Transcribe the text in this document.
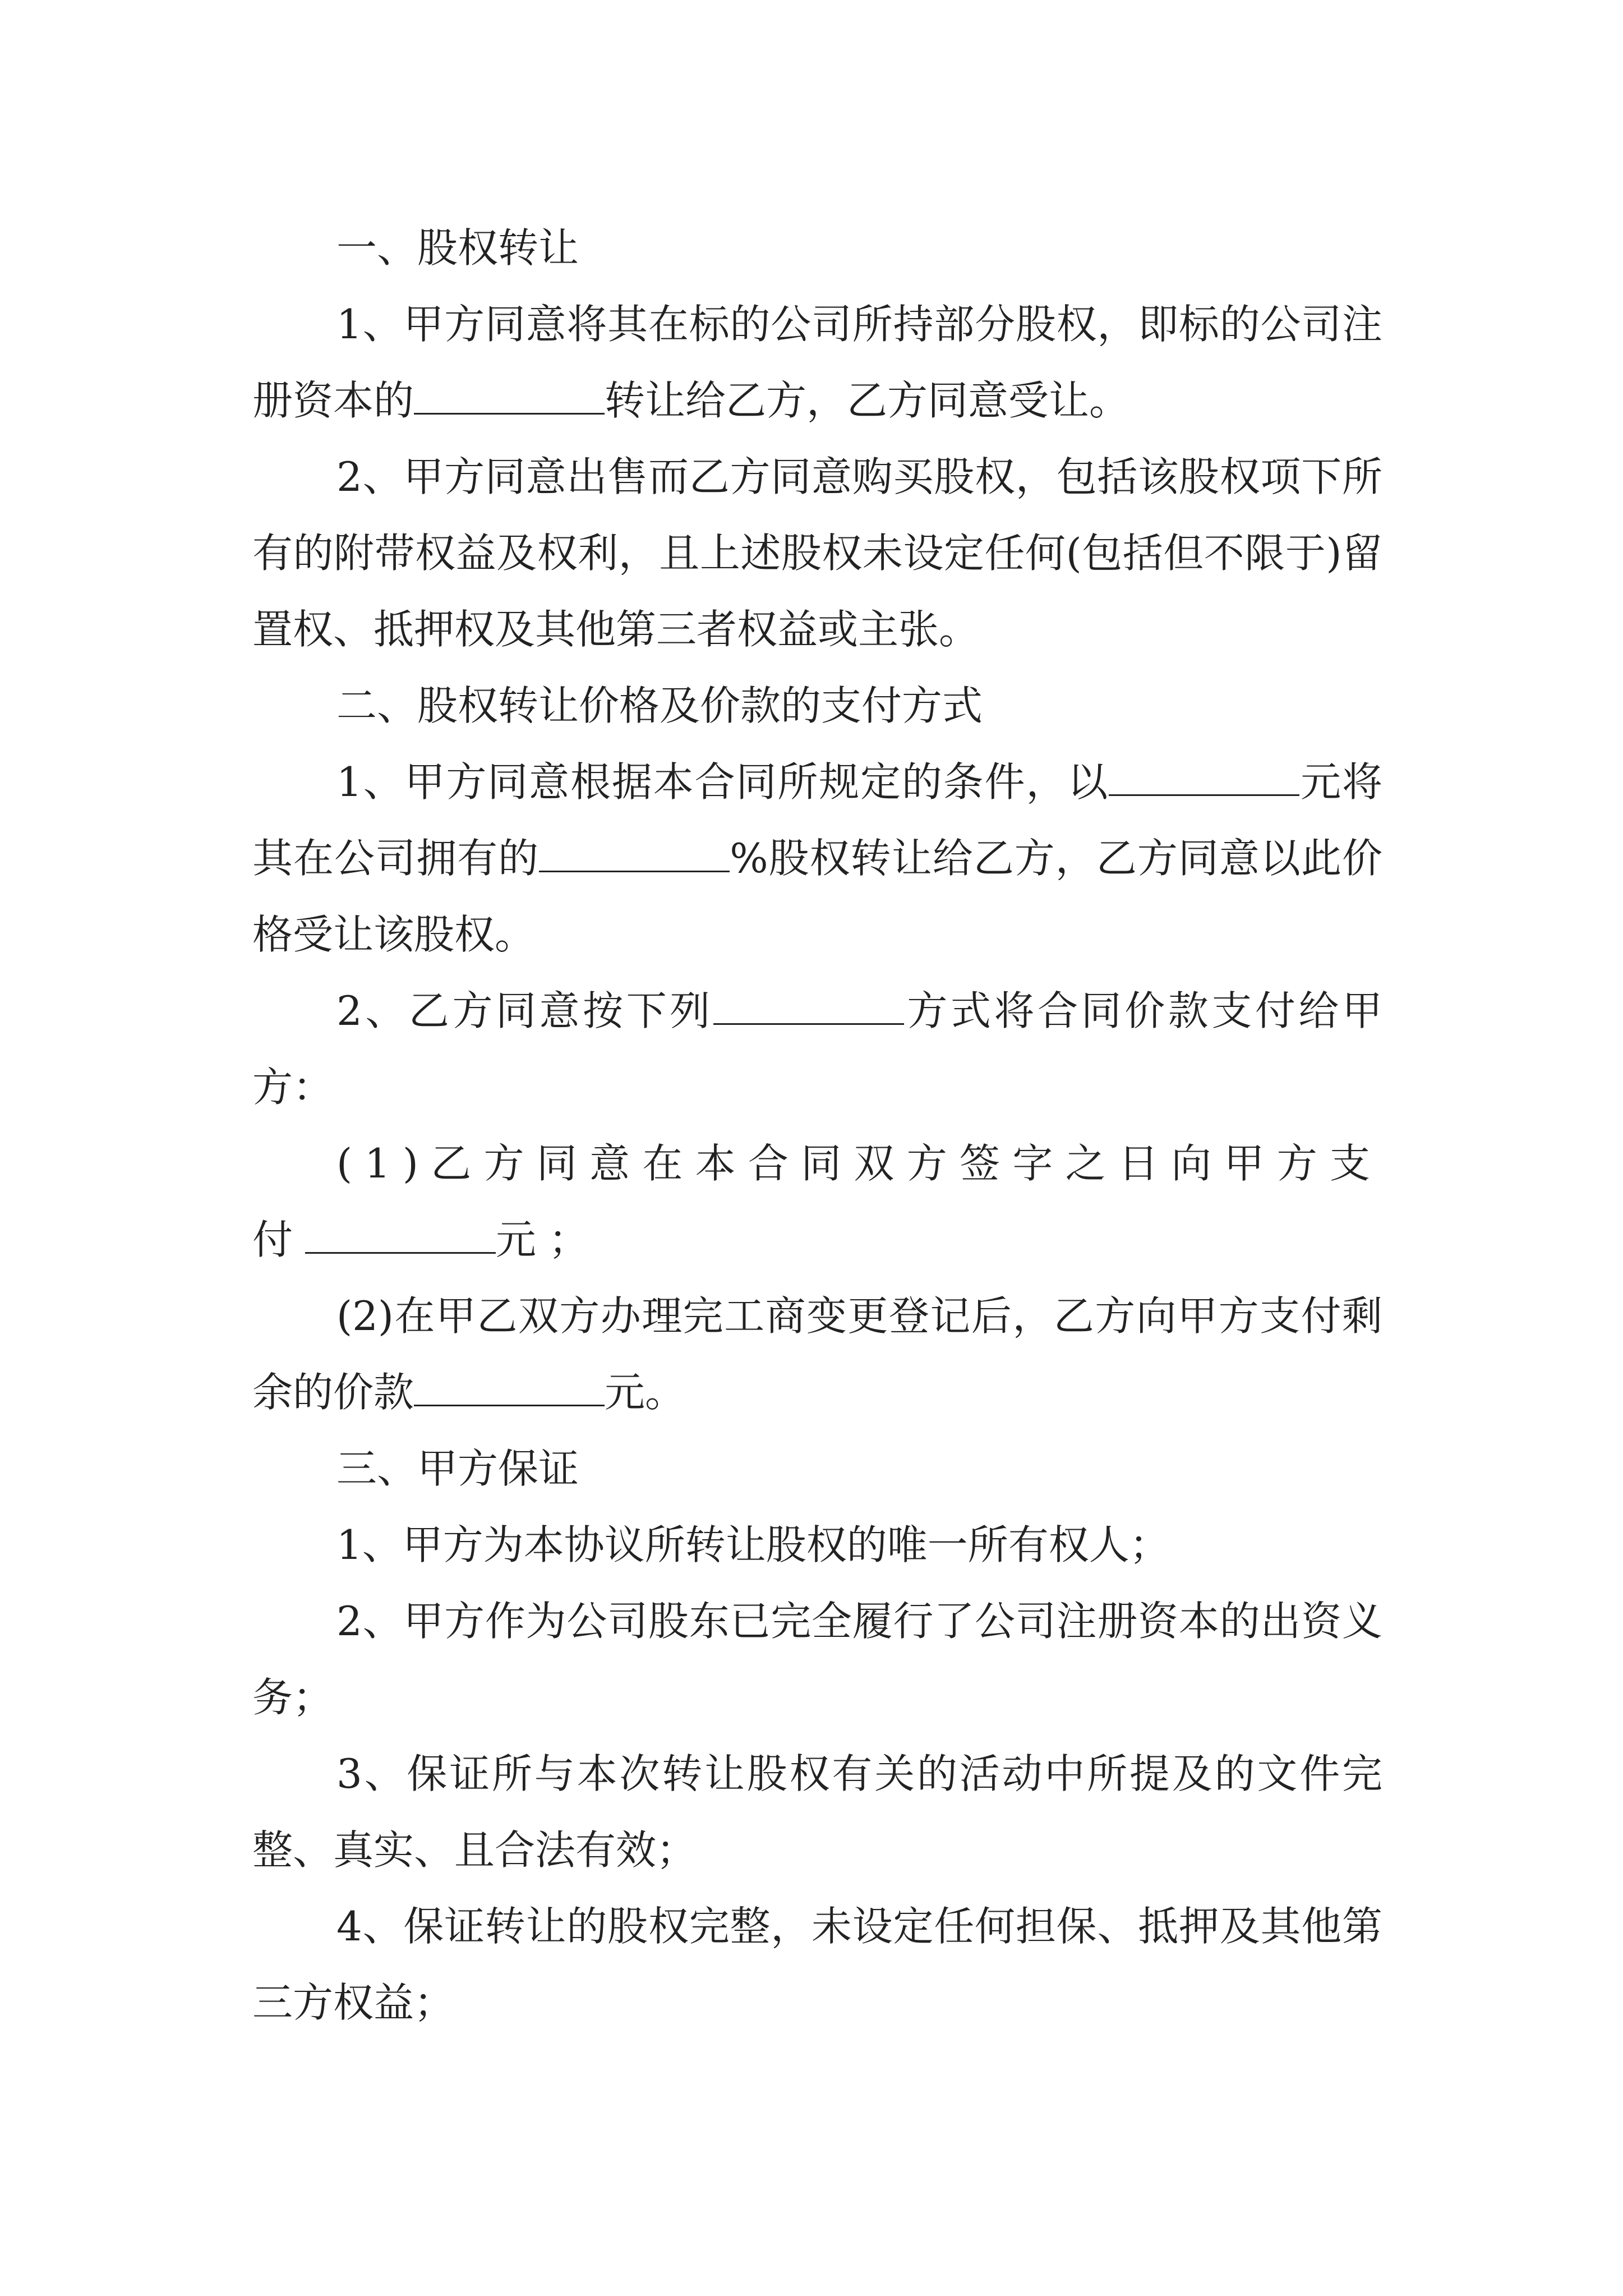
一、股权转让

1、甲方同意将其在标的公司所持部分股权，即标的公司注册资本的	转让给乙方，乙方同意受让。

2、甲方同意出售而乙方同意购买股权，包括该股权项下所有的附带权益及权利，且上述股权未设定任何(包括但不限于)留置权、抵押权及其他第三者权益或主张。

二、股权转让价格及价款的支付方式

1、甲方同意根据本合同所规定的条件，以	元将其在公司拥有的	%股权转让给乙方，乙方同意以此价格受让该股权。

2、乙方同意按下列	方式将合同价款支付给甲方：

(1)乙方同意在本合同双方签字之日向甲方支付	元；

(2)在甲乙双方办理完工商变更登记后，乙方向甲方支付剩余的价款	元。

三、甲方保证

1、甲方为本协议所转让股权的唯一所有权人；

2、甲方作为公司股东已完全履行了公司注册资本的出资义务；

3、保证所与本次转让股权有关的活动中所提及的文件完整、真实、且合法有效；

4、保证转让的股权完整，未设定任何担保、抵押及其他第三方权益；
